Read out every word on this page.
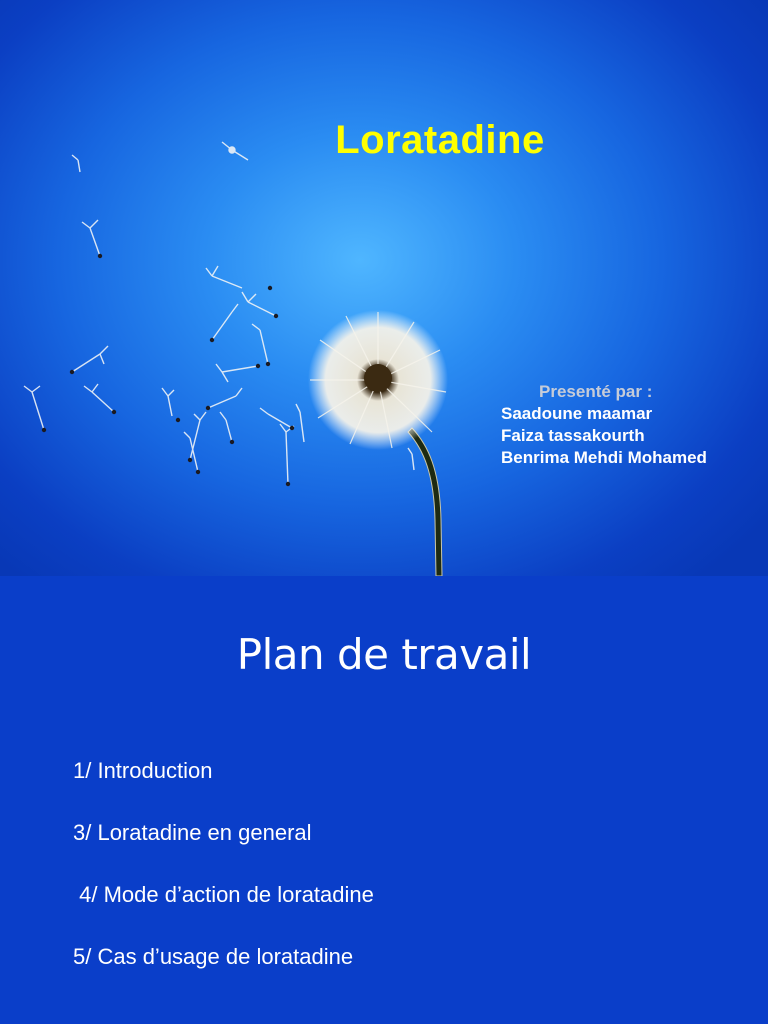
Loratadine
Presenté par :
Saadoune maamar
Faiza tassakourth
Benrima Mehdi Mohamed
Plan de travail
1/ Introduction
3/ Loratadine en general
4/ Mode d’action de loratadine
5/ Cas d’usage de loratadine
